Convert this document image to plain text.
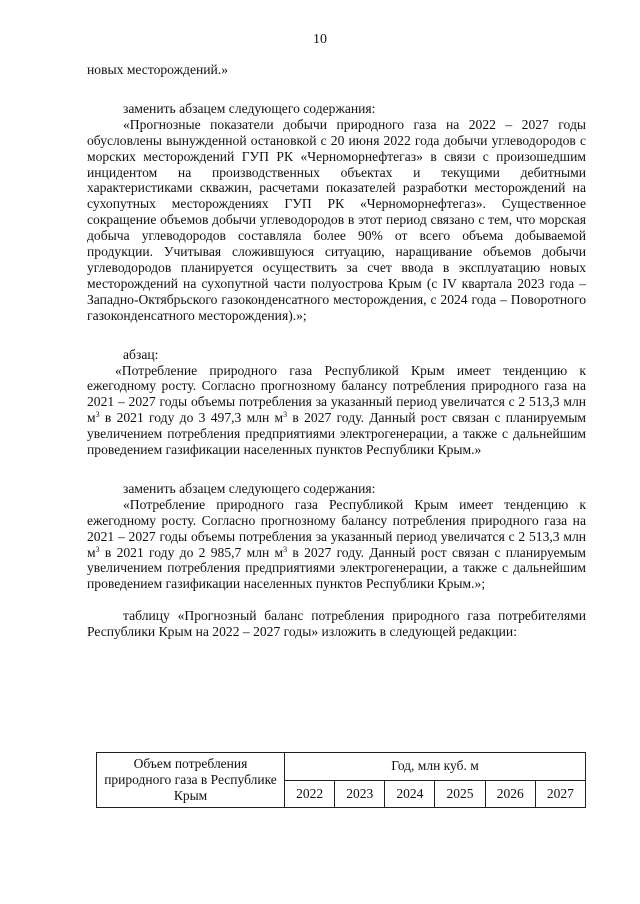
10

новых месторождений.»

заменить абзацем следующего содержания:

«Прогнозные показатели добычи природного газа на 2022 – 2027 годы обусловлены вынужденной остановкой с 20 июня 2022 года добычи углеводородов с морских месторождений ГУП РК «Черноморнефтегаз» в связи с произошедшим инцидентом на производственных объектах и текущими дебитными характеристиками скважин, расчетами показателей разработки месторождений на сухопутных месторождениях ГУП РК «Черноморнефтегаз». Существенное сокращение объемов добычи углеводородов в этот период связано с тем, что морская добыча углеводородов составляла более 90% от всего объема добываемой продукции. Учитывая сложившуюся ситуацию, наращивание объемов добычи углеводородов планируется осуществить за счет ввода в эксплуатацию новых месторождений на сухопутной части полуострова Крым (с IV квартала 2023 года – Западно-Октябрьского газоконденсатного месторождения, с 2024 года – Поворотного газоконденсатного месторождения).»;

абзац:

«Потребление природного газа Республикой Крым имеет тенденцию к ежегодному росту. Согласно прогнозному балансу потребления природного газа на 2021 – 2027 годы объемы потребления за указанный период увеличатся с 2 513,3 млн $м^3$ в 2021 году до 3 497,3 млн $м^3$ в 2027 году. Данный рост связан с планируемым увеличением потребления предприятиями электрогенерации, а также с дальнейшим проведением газификации населенных пунктов Республики Крым.»

заменить абзацем следующего содержания:

«Потребление природного газа Республикой Крым имеет тенденцию к ежегодному росту. Согласно прогнозному балансу потребления природного газа на 2021 – 2027 годы объемы потребления за указанный период увеличатся с 2 513,3 млн $м^3$ в 2021 году до 2 985,7 млн $м^3$ в 2027 году. Данный рост связан с планируемым увеличением потребления предприятиями электрогенерации, а также с дальнейшим проведением газификации населенных пунктов Республики Крым.»;

таблицу «Прогнозный баланс потребления природного газа потребителями Республики Крым на 2022 – 2027 годы» изложить в следующей редакции:

Объем потребления природного газа в Республике Крым	Год, млн куб. м					
	2022	2023	2024	2025	2026	2027
